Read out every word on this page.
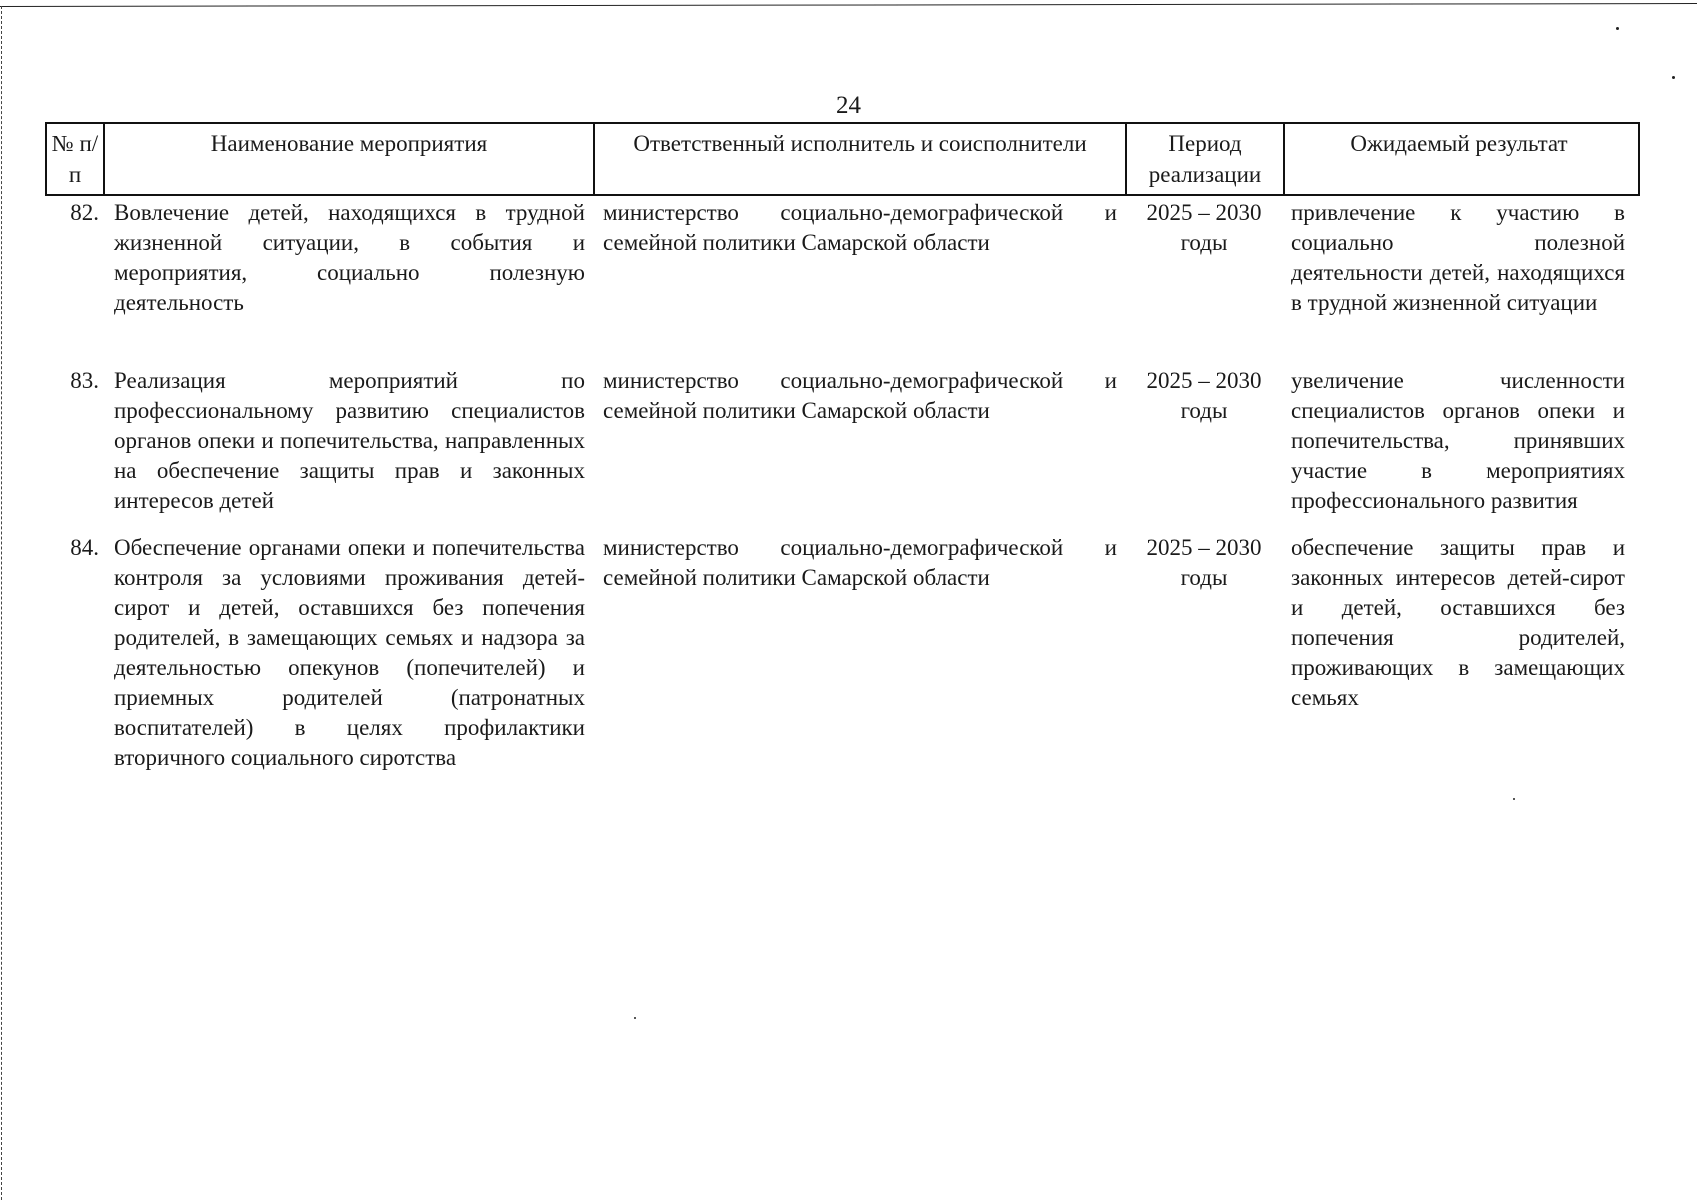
24
№ п/п
Наименование мероприятия	Ответственный исполнитель и соисполнители	Период реализации
Ожидаемый результат
82. Вовлечение детей, находящихся в трудной жизненной ситуации, в события и мероприятия, социально полезную деятельность
министерство социально-демографической и семейной политики Самарской области
2025 – 2030 годы
привлечение к участию в социально полезной деятельности детей, находящихся в трудной жизненной ситуации
83. Реализация мероприятий по профессиональному развитию специалистов органов опеки и попечительства, направленных на обеспечение защиты прав и законных интересов детей
министерство социально-демографической и семейной политики Самарской области
2025 – 2030 годы
увеличение численности специалистов органов опеки и попечительства, принявших участие в мероприятиях профессионального развития
84. Обеспечение органами опеки и попечительства контроля за условиями проживания детей-сирот и детей, оставшихся без попечения родителей, в замещающих семьях и надзора за деятельностью опекунов (попечителей) и приемных родителей (патронатных воспитателей) в целях профилактики вторичного социального сиротства
министерство социально-демографической и семейной политики Самарской области
2025 – 2030 годы
обеспечение защиты прав и законных интересов детей-сирот и детей, оставшихся без попечения родителей, проживающих в замещающих семьях
